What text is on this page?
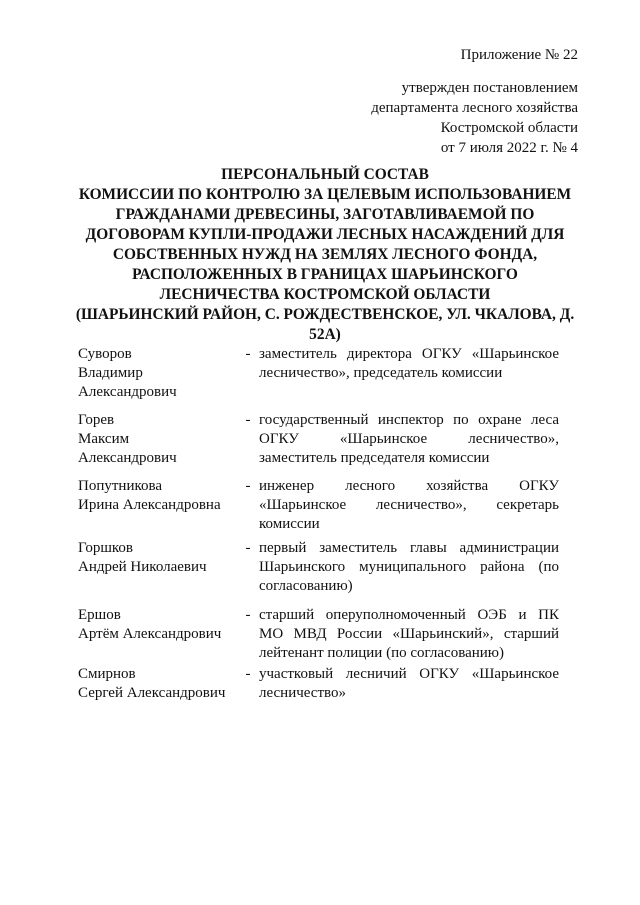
Приложение № 22
утвержден постановлением
департамента лесного хозяйства
Костромской области
от 7 июля 2022 г. № 4
ПЕРСОНАЛЬНЫЙ СОСТАВ
КОМИССИИ ПО КОНТРОЛЮ ЗА ЦЕЛЕВЫМ ИСПОЛЬЗОВАНИЕМ
ГРАЖДАНАМИ ДРЕВЕСИНЫ, ЗАГОТАВЛИВАЕМОЙ ПО
ДОГОВОРАМ КУПЛИ-ПРОДАЖИ ЛЕСНЫХ НАСАЖДЕНИЙ ДЛЯ
СОБСТВЕННЫХ НУЖД НА ЗЕМЛЯХ ЛЕСНОГО ФОНДА,
РАСПОЛОЖЕННЫХ В ГРАНИЦАХ ШАРЬИНСКОГО
ЛЕСНИЧЕСТВА КОСТРОМСКОЙ ОБЛАСТИ
(ШАРЬИНСКИЙ РАЙОН, С. РОЖДЕСТВЕНСКОЕ, УЛ. ЧКАЛОВА, Д.
52А)
Суворов
Владимир
Александрович
- заместитель директора ОГКУ «Шарьинское
лесничество», председатель комиссии
Горев
Максим
Александрович
- государственный инспектор по охране леса
ОГКУ «Шарьинское лесничество»,
заместитель председателя комиссии
Попутникова
Ирина Александровна
- инженер лесного хозяйства ОГКУ
«Шарьинское лесничество», секретарь
комиссии
Горшков
Андрей Николаевич
- первый заместитель главы администрации
Шарьинского муниципального района (по
согласованию)
Ершов
Артём Александрович
- старший оперуполномоченный ОЭБ и ПК
МО МВД России «Шарьинский», старший
лейтенант полиции (по согласованию)
Смирнов
Сергей Александрович
- участковый лесничий ОГКУ «Шарьинское
лесничество»
